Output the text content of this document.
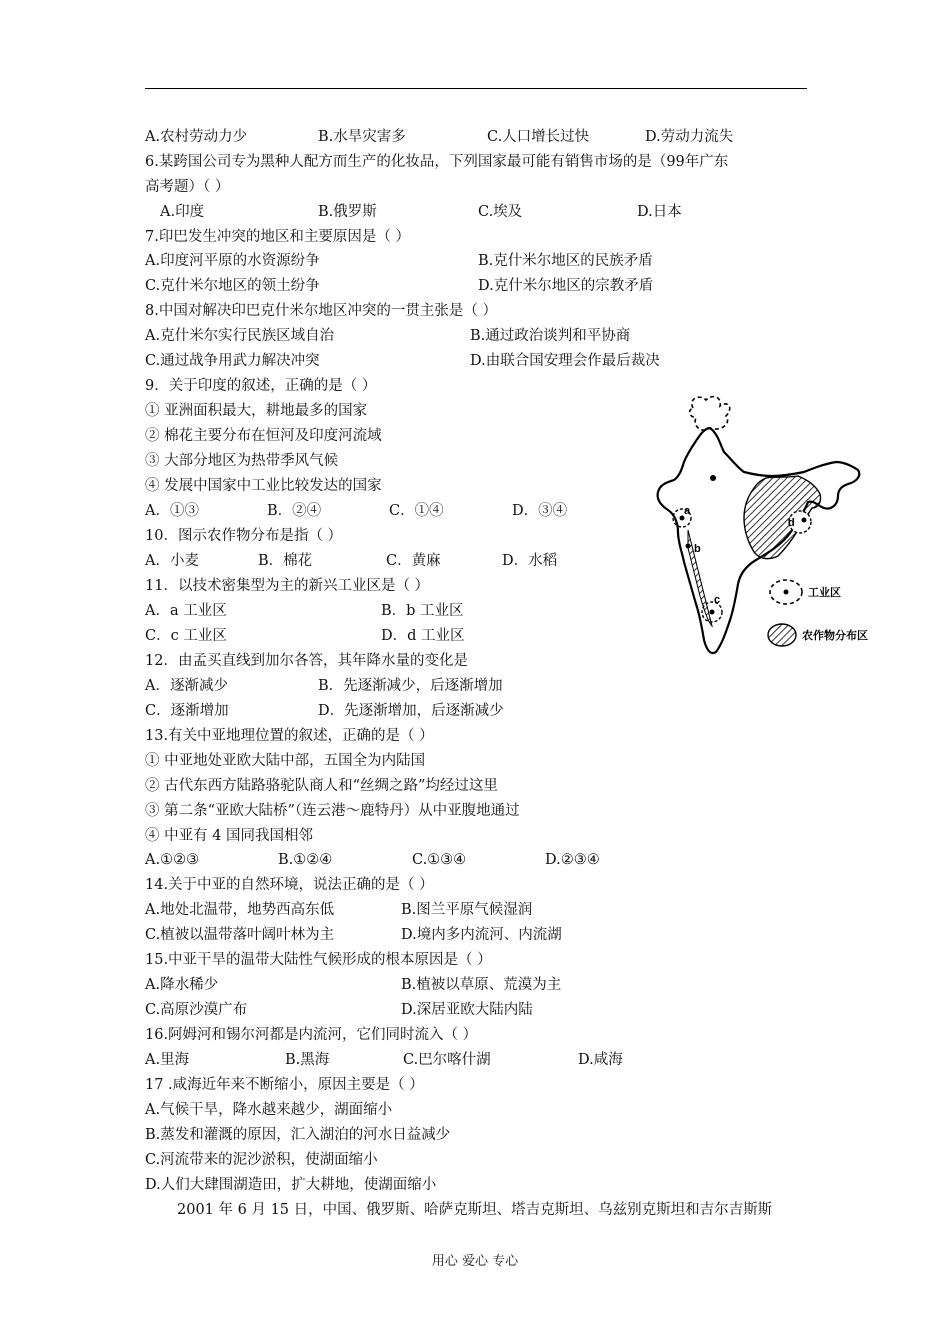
A.农村劳动力少	B.水旱灾害多	C.人口增长过快	D.劳动力流失
6.某跨国公司专为黑种人配方而生产的化妆品，下列国家最可能有销售市场的是（99年广东
高考题）（ ）
A.印度	B.俄罗斯	C.埃及	D.日本
7.印巴发生冲突的地区和主要原因是（ ）
A.印度河平原的水资源纷争	B.克什米尔地区的民族矛盾
C.克什米尔地区的领土纷争	D.克什米尔地区的宗教矛盾
8.中国对解决印巴克什米尔地区冲突的一贯主张是（ ）
A.克什米尔实行民族区域自治	B.通过政治谈判和平协商
C.通过战争用武力解决冲突	D.由联合国安理会作最后裁决
9．关于印度的叙述，正确的是（ ）
① 亚洲面积最大，耕地最多的国家
② 棉花主要分布在恒河及印度河流域
③ 大部分地区为热带季风气候
④ 发展中国家中工业比较发达的国家
A．①③	B．②④	C．①④	D．③④
10．图示农作物分布是指（ ）
A．小麦	B．棉花	C．黄麻	D．水稻
11．以技术密集型为主的新兴工业区是（ ）
A．a 工业区	B．b 工业区
C．c 工业区	D．d 工业区
12．由孟买直线到加尔各答，其年降水量的变化是
A．逐渐减少	B．先逐渐减少，后逐渐增加
C．逐渐增加	D．先逐渐增加，后逐渐减少
13.有关中亚地理位置的叙述，正确的是（ ）
① 中亚地处亚欧大陆中部，五国全为内陆国
② 古代东西方陆路骆驼队商人和“丝绸之路”均经过这里
③ 第二条“亚欧大陆桥”（连云港～鹿特丹）从中亚腹地通过
④ 中亚有 4 国同我国相邻
A.①②③	B.①②④	C.①③④	D.②③④
14.关于中亚的自然环境，说法正确的是（ ）
A.地处北温带，地势西高东低	B.图兰平原气候湿润
C.植被以温带落叶阔叶林为主	D.境内多内流河、内流湖
15.中亚干旱的温带大陆性气候形成的根本原因是（ ）
A.降水稀少	B.植被以草原、荒漠为主
C.高原沙漠广布	D.深居亚欧大陆内陆
16.阿姆河和锡尔河都是内流河，它们同时流入（ ）
A.里海	B.黑海	C.巴尔喀什湖	D.咸海
17 .咸海近年来不断缩小，原因主要是（ ）
A.气候干旱，降水越来越少，湖面缩小
B.蒸发和灌溉的原因，汇入湖泊的河水日益减少
C.河流带来的泥沙淤积，使湖面缩小
D.人们大肆围湖造田，扩大耕地，使湖面缩小
2001 年 6 月 15 日，中国、俄罗斯、哈萨克斯坦、塔吉克斯坦、乌兹别克斯坦和吉尔吉斯斯
a
b
c
d
工业区
农作物分布区
用心 爱心 专心
